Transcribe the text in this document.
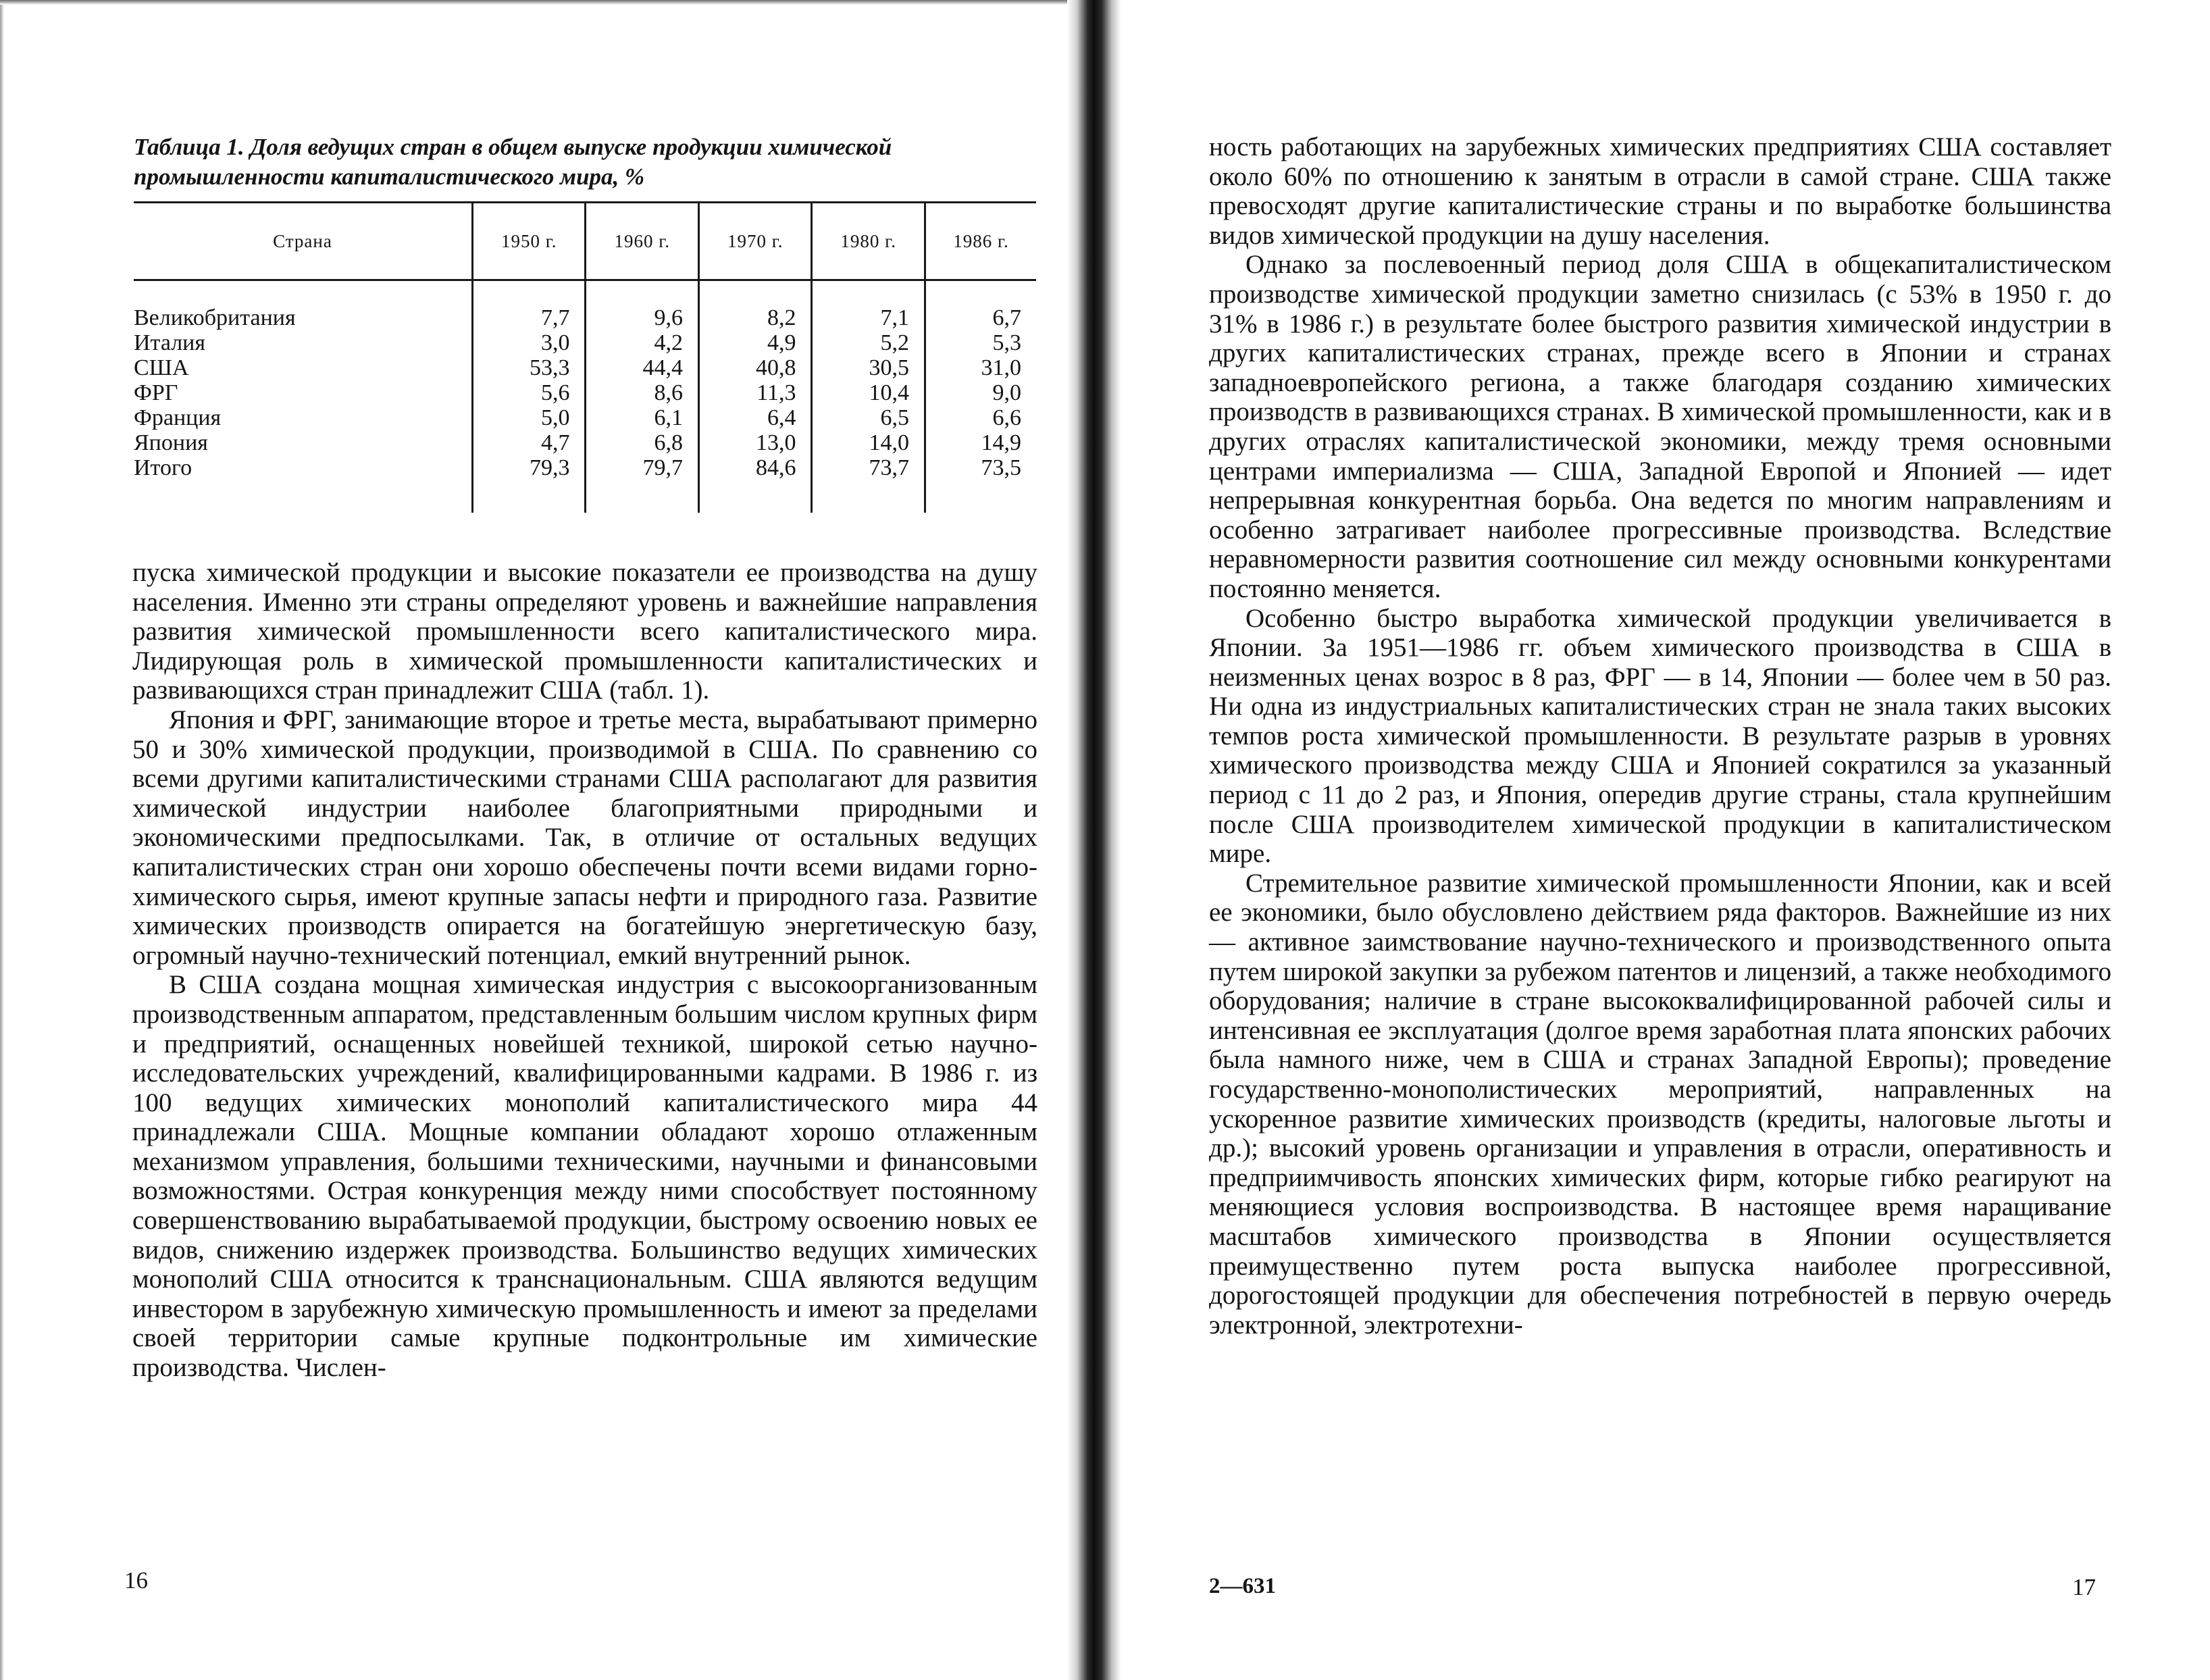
Таблица 1. Доля ведущих стран в общем выпуске продукции химической
промышленности капиталистического мира, %

Страна	1950 г.	1960 г.	1970 г.	1980 г.	1986 г.
Великобритания	7,7	9,6	8,2	7,1	6,7
Италия	3,0	4,2	4,9	5,2	5,3
США	53,3	44,4	40,8	30,5	31,0
ФРГ	5,6	8,6	11,3	10,4	9,0
Франция	5,0	6,1	6,4	6,5	6,6
Япония	4,7	6,8	13,0	14,0	14,9
Итого	79,3	79,7	84,6	73,7	73,5

пуска химической продукции и высокие показатели ее производства на душу населения. Именно эти страны определяют уровень и важнейшие направления развития химической промышленности всего капиталистического мира. Лидирующая роль в химической промышленности капиталистических и развивающихся стран принадлежит США (табл. 1).

Япония и ФРГ, занимающие второе и третье места, вырабатывают примерно 50 и 30% химической продукции, производимой в США. По сравнению со всеми другими капиталистическими странами США располагают для развития химической индустрии наиболее благоприятными природными и экономическими предпосылками. Так, в отличие от остальных ведущих капиталистических стран они хорошо обеспечены почти всеми видами горно-химического сырья, имеют крупные запасы нефти и природного газа. Развитие химических производств опирается на богатейшую энергетическую базу, огромный научно-технический потенциал, емкий внутренний рынок.

В США создана мощная химическая индустрия с высокоорганизованным производственным аппаратом, представленным большим числом крупных фирм и предприятий, оснащенных новейшей техникой, широкой сетью научно-исследовательских учреждений, квалифицированными кадрами. В 1986 г. из 100 ведущих химических монополий капиталистического мира 44 принадлежали США. Мощные компании обладают хорошо отлаженным механизмом управления, большими техническими, научными и финансовыми возможностями. Острая конкуренция между ними способствует постоянному совершенствованию вырабатываемой продукции, быстрому освоению новых ее видов, снижению издержек производства. Большинство ведущих химических монополий США относится к транснациональным. США являются ведущим инвестором в зарубежную химическую промышленность и имеют за пределами своей территории самые крупные подконтрольные им химические производства. Числен-

16

ность работающих на зарубежных химических предприятиях США составляет около 60% по отношению к занятым в отрасли в самой стране. США также превосходят другие капиталистические страны и по выработке большинства видов химической продукции на душу населения.

Однако за послевоенный период доля США в общекапиталистическом производстве химической продукции заметно снизилась (с 53% в 1950 г. до 31% в 1986 г.) в результате более быстрого развития химической индустрии в других капиталистических странах, прежде всего в Японии и странах западноевропейского региона, а также благодаря созданию химических производств в развивающихся странах. В химической промышленности, как и в других отраслях капиталистической экономики, между тремя основными центрами империализма — США, Западной Европой и Японией — идет непрерывная конкурентная борьба. Она ведется по многим направлениям и особенно затрагивает наиболее прогрессивные производства. Вследствие неравномерности развития соотношение сил между основными конкурентами постоянно меняется.

Особенно быстро выработка химической продукции увеличивается в Японии. За 1951—1986 гг. объем химического производства в США в неизменных ценах возрос в 8 раз, ФРГ — в 14, Японии — более чем в 50 раз. Ни одна из индустриальных капиталистических стран не знала таких высоких темпов роста химической промышленности. В результате разрыв в уровнях химического производства между США и Японией сократился за указанный период с 11 до 2 раз, и Япония, опередив другие страны, стала крупнейшим после США производителем химической продукции в капиталистическом мире.

Стремительное развитие химической промышленности Японии, как и всей ее экономики, было обусловлено действием ряда факторов. Важнейшие из них — активное заимствование научно-технического и производственного опыта путем широкой закупки за рубежом патентов и лицензий, а также необходимого оборудования; наличие в стране высококвалифицированной рабочей силы и интенсивная ее эксплуатация (долгое время заработная плата японских рабочих была намного ниже, чем в США и странах Западной Европы); проведение государственно-монополистических мероприятий, направленных на ускоренное развитие химических производств (кредиты, налоговые льготы и др.); высокий уровень организации и управления в отрасли, оперативность и предприимчивость японских химических фирм, которые гибко реагируют на меняющиеся условия воспроизводства. В настоящее время наращивание масштабов химического производства в Японии осуществляется преимущественно путем роста выпуска наиболее прогрессивной, дорогостоящей продукции для обеспечения потребностей в первую очередь электронной, электротехни-

2—631	17
